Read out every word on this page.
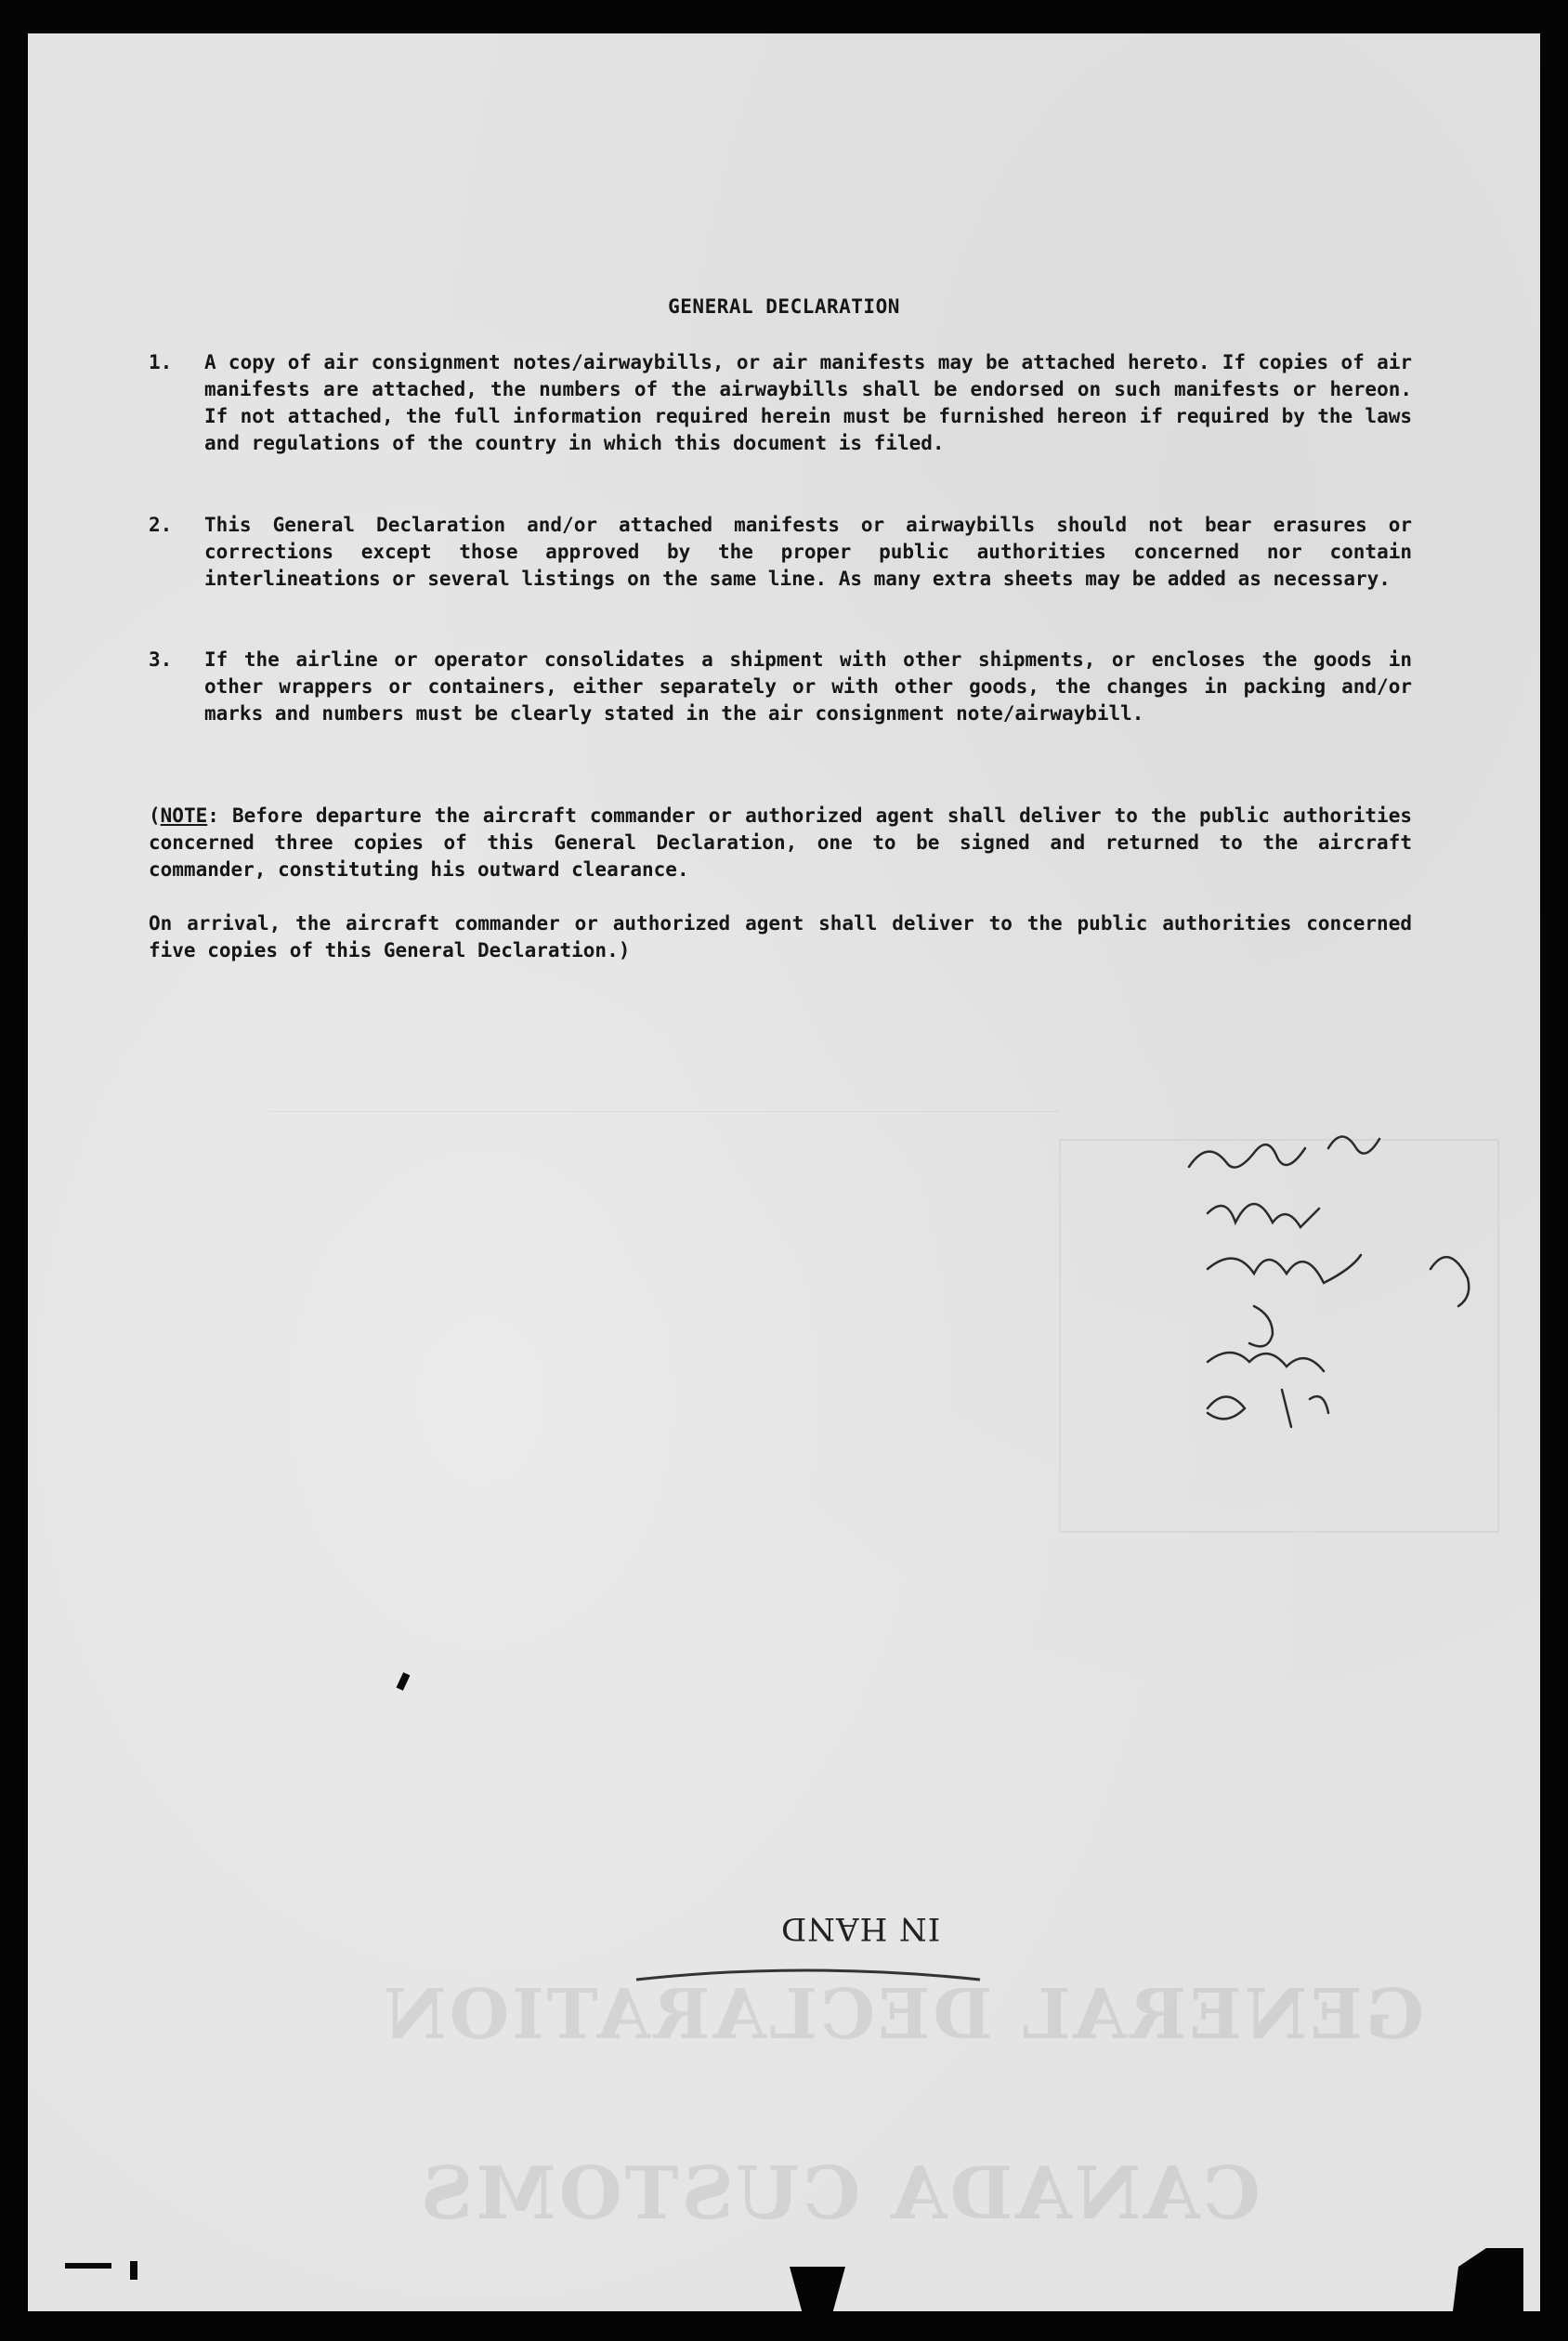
GENERAL DECLARATION
CANADA CUSTOMS
GENERAL DECLARATION
1.	A copy of air consignment notes/airwaybills, or air manifests may be attached hereto. If copies of air manifests are attached, the numbers of the airwaybills shall be endorsed on such manifests or hereon. If not attached, the full information required herein must be furnished hereon if required by the laws and regulations of the country in which this document is filed.
2.	This General Declaration and/or attached manifests or airwaybills should not bear erasures or corrections except those approved by the proper public authorities concerned nor contain interlineations or several listings on the same line. As many extra sheets may be added as necessary.
3.	If the airline or operator consolidates a shipment with other shipments, or encloses the goods in other wrappers or containers, either separately or with other goods, the changes in packing and/or marks and numbers must be clearly stated in the air consignment note/airwaybill.
(NOTE: Before departure the aircraft commander or authorized agent shall deliver to the public authorities concerned three copies of this General Declaration, one to be signed and returned to the aircraft commander, constituting his outward clearance.
On arrival, the aircraft commander or authorized agent shall deliver to the public authorities concerned five copies of this General Declaration.)
IN HAND
